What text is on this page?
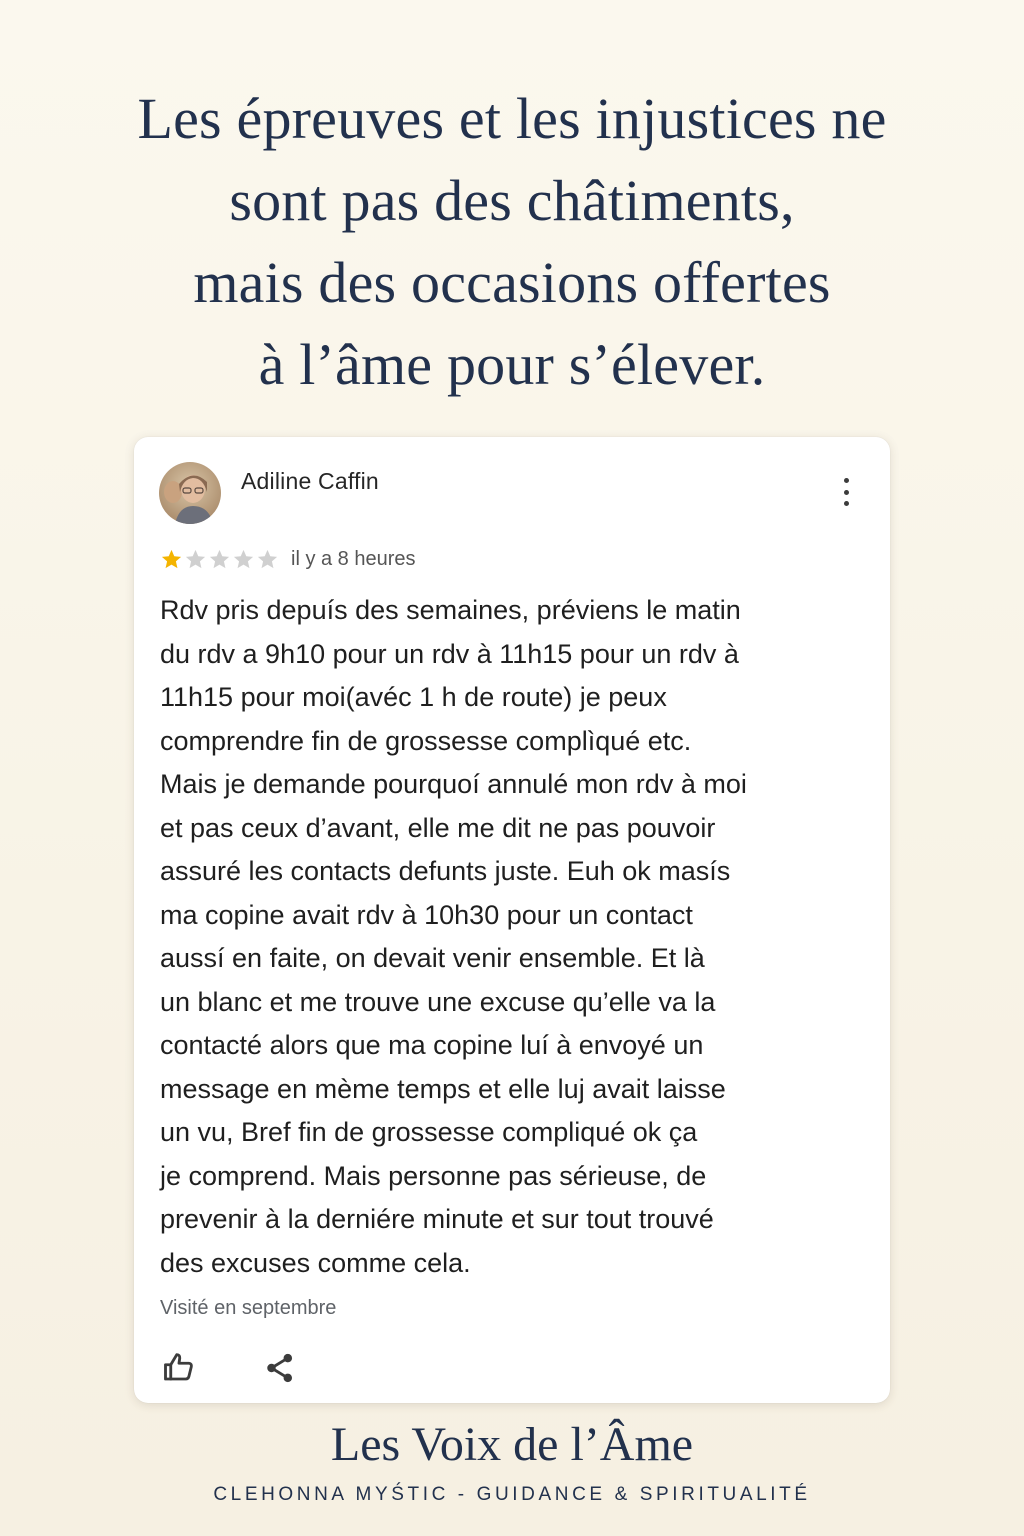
Les épreuves et les injustices ne
sont pas des châtiments,
mais des occasions offertes
à l’âme pour s’élever.
Adiline Caffin
il y a 8 heures
Rdv pris depuís des semaines, préviens le matin
du rdv a 9h10 pour un rdv à 11h15 pour un rdv à
11h15 pour moi(avéc 1 h de route) je peux
comprendre fin de grossesse complìqué etc.
Mais je demande pourquoí annulé mon rdv à moi
et pas ceux d’avant, elle me dit ne pas pouvoir
assuré les contacts defunts juste. Euh ok masís
ma copine avait rdv à 10h30 pour un contact
aussí en faite, on devait venir ensemble. Et là
un blanc et me trouve une excuse qu’elle va la
contacté alors que ma copine luí à envoyé un
message en mème temps et elle luj avait laisse
un vu, Bref fin de grossesse compliqué ok ça
je comprend. Mais personne pas sérieuse, de
prevenir à la derniére minute et sur tout trouvé
des excuses comme cela.
Visité en septembre
Les Voix de l’Âme
CLEHONNA MYŚTIC - GUIDANCE & SPIRITUALITÉ
